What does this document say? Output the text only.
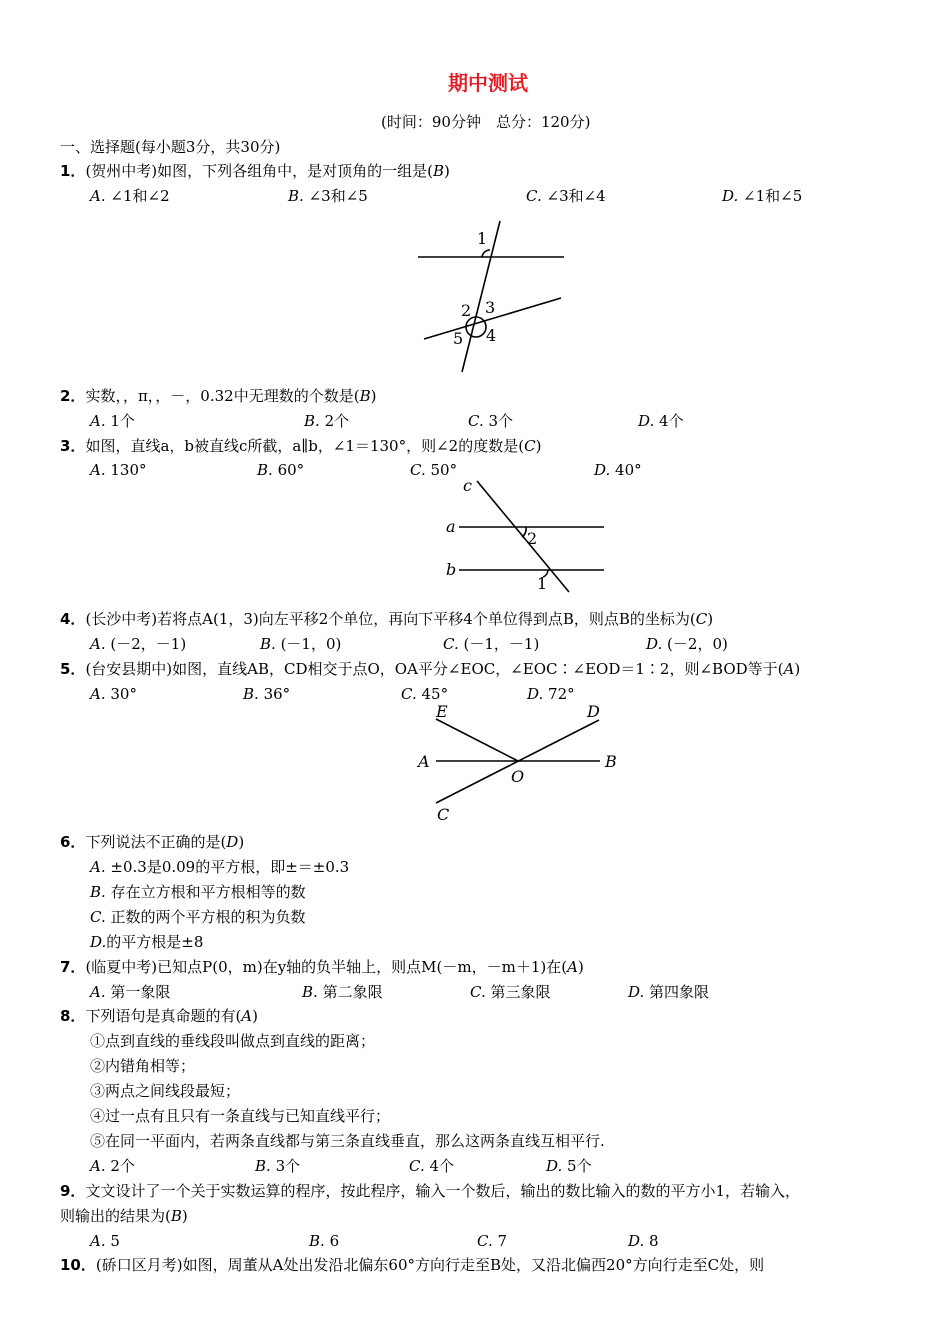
期中测试
(时间：90分钟　总分：120分)
一、选择题(每小题3分，共30分)
1．(贺州中考)如图，下列各组角中，是对顶角的一组是(B)
A. ∠1和∠2	B. ∠3和∠5	C. ∠3和∠4	D. ∠1和∠5
1
2 3
5 4
2．实数，，π，，－，0.32中无理数的个数是(B)
A. 1个	B. 2个	C. 3个	D. 4个
3．如图，直线a，b被直线c所截，a∥b，∠1＝130°，则∠2的度数是(C)
A. 130°	B. 60°	C. 50°	D. 40°
c
a
2
b
1
4．(长沙中考)若将点A(1，3)向左平移2个单位，再向下平移4个单位得到点B，则点B的坐标为(C)
A. (－2，－1)	B. (－1，0)	C. (－1，－1)	D. (－2，0)
5．(台安县期中)如图，直线AB，CD相交于点O，OA平分∠EOC，∠EOC∶∠EOD＝1∶2，则∠BOD等于(A)
A. 30°	B. 36°	C. 45°	D. 72°
E	D
A
O
B
C
6．下列说法不正确的是(D)
A. ±0.3是0.09的平方根，即±＝±0.3
B. 存在立方根和平方根相等的数
C. 正数的两个平方根的积为负数
D.的平方根是±8
7．(临夏中考)已知点P(0，m)在y轴的负半轴上，则点M(－m，－m＋1)在(A)
A. 第一象限	B. 第二象限	C. 第三象限	D. 第四象限
8．下列语句是真命题的有(A)
①点到直线的垂线段叫做点到直线的距离；
②内错角相等；
③两点之间线段最短；
④过一点有且只有一条直线与已知直线平行；
⑤在同一平面内，若两条直线都与第三条直线垂直，那么这两条直线互相平行.
A. 2个	B. 3个	C. 4个	D. 5个
9．文文设计了一个关于实数运算的程序，按此程序，输入一个数后，输出的数比输入的数的平方小1，若输入，
则输出的结果为(B)
A. 5	B. 6	C. 7	D. 8
10．(硚口区月考)如图，周董从A处出发沿北偏东60°方向行走至B处，又沿北偏西20°方向行走至C处，则
